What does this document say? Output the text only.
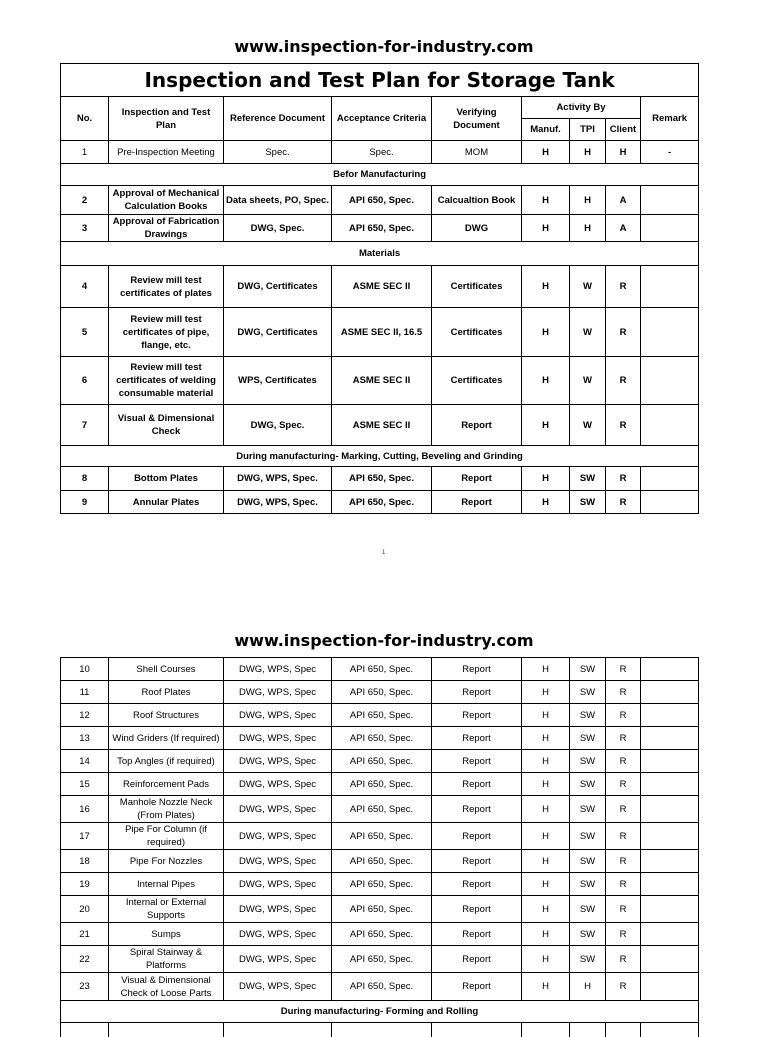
www.inspection-for-industry.com
Inspection and Test Plan for Storage Tank								
No.	Inspection and Test Plan	Reference Document	Acceptance Criteria	Verifying Document	Activity By			Remark
					Manuf.	TPI	Client	
1	Pre-Inspection Meeting	Spec.	Spec.	MOM	H	H	H	-
Befor Manufacturing								
2	Approval of Mechanical Calculation Books	Data sheets, PO, Spec.	API 650, Spec.	Calcualtion Book	H	H	A	
3	Approval of Fabrication Drawings	DWG, Spec.	API 650, Spec.	DWG	H	H	A	
Materials								
4	Review mill test certificates of plates	DWG, Certificates	ASME SEC II	Certificates	H	W	R	
5	Review mill test certificates of pipe, flange, etc.	DWG, Certificates	ASME SEC II, 16.5	Certificates	H	W	R	
6	Review mill test certificates of welding consumable material	WPS, Certificates	ASME SEC II	Certificates	H	W	R	
7	Visual & Dimensional Check	DWG, Spec.	ASME SEC II	Report	H	W	R	
During manufacturing- Marking, Cutting, Beveling and Grinding								
8	Bottom Plates	DWG, WPS, Spec.	API 650, Spec.	Report	H	SW	R	
9	Annular Plates	DWG, WPS, Spec.	API 650, Spec.	Report	H	SW	R	
1
www.inspection-for-industry.com
10	Shell Courses	DWG, WPS, Spec	API 650, Spec.	Report	H	SW	R	
11	Roof Plates	DWG, WPS, Spec	API 650, Spec.	Report	H	SW	R	
12	Roof Structures	DWG, WPS, Spec	API 650, Spec.	Report	H	SW	R	
13	Wind Griders (If required)	DWG, WPS, Spec	API 650, Spec.	Report	H	SW	R	
14	Top Angles (if required)	DWG, WPS, Spec	API 650, Spec.	Report	H	SW	R	
15	Reinforcement Pads	DWG, WPS, Spec	API 650, Spec.	Report	H	SW	R	
16	Manhole Nozzle Neck (From Plates)	DWG, WPS, Spec	API 650, Spec.	Report	H	SW	R	
17	Pipe For Column (if required)	DWG, WPS, Spec	API 650, Spec.	Report	H	SW	R	
18	Pipe For Nozzles	DWG, WPS, Spec	API 650, Spec.	Report	H	SW	R	
19	Internal Pipes	DWG, WPS, Spec	API 650, Spec.	Report	H	SW	R	
20	Internal or External Supports	DWG, WPS, Spec	API 650, Spec.	Report	H	SW	R	
21	Sumps	DWG, WPS, Spec	API 650, Spec.	Report	H	SW	R	
22	Spiral Stairway & Platforms	DWG, WPS, Spec	API 650, Spec.	Report	H	SW	R	
23	Visual & Dimensional Check of Loose Parts	DWG, WPS, Spec	API 650, Spec.	Report	H	H	R	
During manufacturing- Forming and Rolling								
